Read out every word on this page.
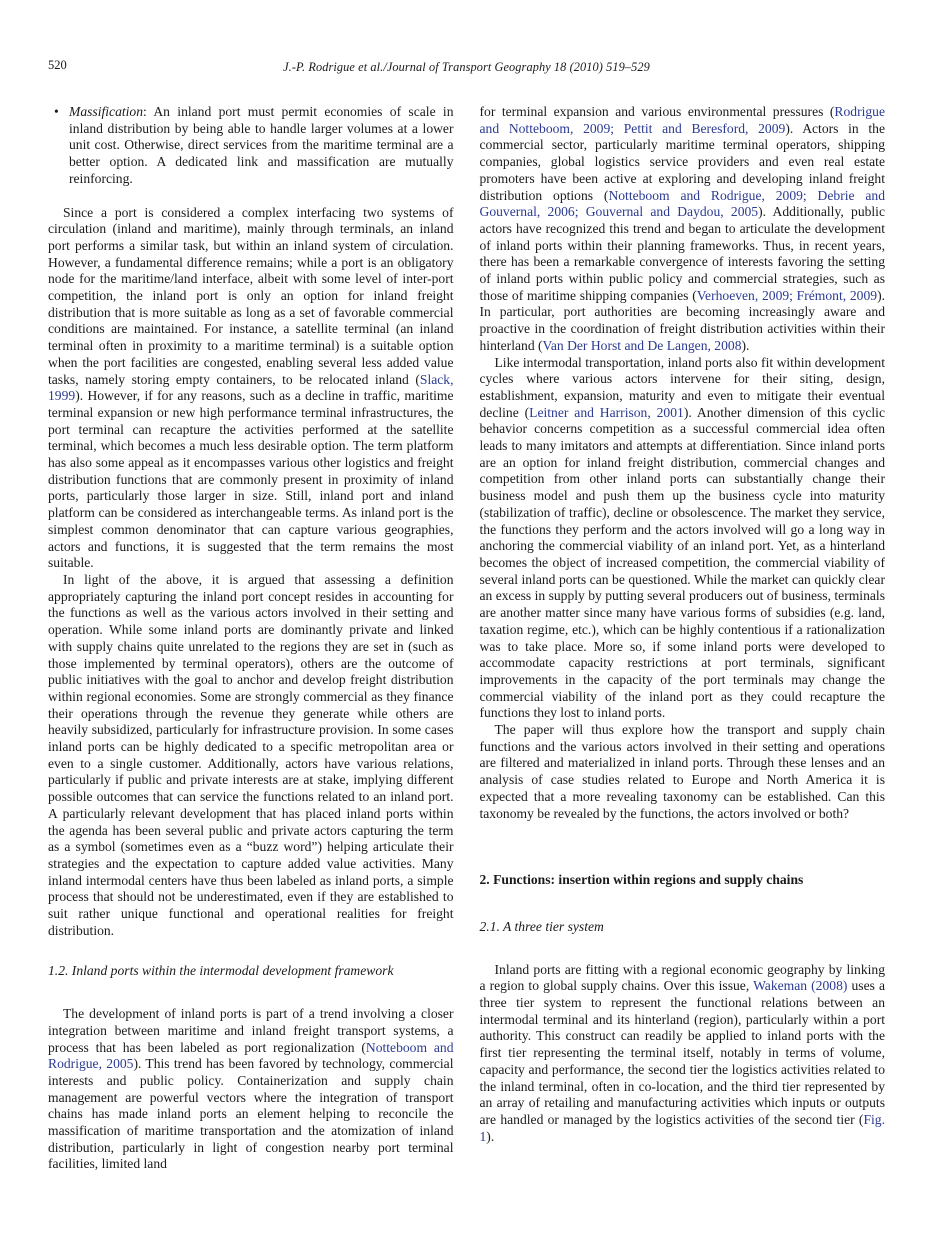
520	J.-P. Rodrigue et al./Journal of Transport Geography 18 (2010) 519–529
• Massification: An inland port must permit economies of scale in inland distribution by being able to handle larger volumes at a lower unit cost. Otherwise, direct services from the maritime terminal are a better option. A dedicated link and massification are mutually reinforcing.

Since a port is considered a complex interfacing two systems of circulation (inland and maritime), mainly through terminals, an inland port performs a similar task, but within an inland system of circulation. However, a fundamental difference remains; while a port is an obligatory node for the maritime/land interface, albeit with some level of inter-port competition, the inland port is only an option for inland freight distribution that is more suitable as long as a set of favorable commercial conditions are maintained. For instance, a satellite terminal (an inland terminal often in proximity to a maritime terminal) is a suitable option when the port facilities are congested, enabling several less added value tasks, namely storing empty containers, to be relocated inland (Slack, 1999). However, if for any reasons, such as a decline in traffic, maritime terminal expansion or new high performance terminal infrastructures, the port terminal can recapture the activities performed at the satellite terminal, which becomes a much less desirable option. The term platform has also some appeal as it encompasses various other logistics and freight distribution functions that are commonly present in proximity of inland ports, particularly those larger in size. Still, inland port and inland platform can be considered as interchangeable terms. As inland port is the simplest common denominator that can capture various geographies, actors and functions, it is suggested that the term remains the most suitable.

In light of the above, it is argued that assessing a definition appropriately capturing the inland port concept resides in accounting for the functions as well as the various actors involved in their setting and operation. While some inland ports are dominantly private and linked with supply chains quite unrelated to the regions they are set in (such as those implemented by terminal operators), others are the outcome of public initiatives with the goal to anchor and develop freight distribution within regional economies. Some are strongly commercial as they finance their operations through the revenue they generate while others are heavily subsidized, particularly for infrastructure provision. In some cases inland ports can be highly dedicated to a specific metropolitan area or even to a single customer. Additionally, actors have various relations, particularly if public and private interests are at stake, implying different possible outcomes that can service the functions related to an inland port. A particularly relevant development that has placed inland ports within the agenda has been several public and private actors capturing the term as a symbol (sometimes even as a “buzz word”) helping articulate their strategies and the expectation to capture added value activities. Many inland intermodal centers have thus been labeled as inland ports, a simple process that should not be underestimated, even if they are established to suit rather unique functional and operational realities for freight distribution.

1.2. Inland ports within the intermodal development framework

The development of inland ports is part of a trend involving a closer integration between maritime and inland freight transport systems, a process that has been labeled as port regionalization (Notteboom and Rodrigue, 2005). This trend has been favored by technology, commercial interests and public policy. Containerization and supply chain management are powerful vectors where the integration of transport chains has made inland ports an element helping to reconcile the massification of maritime transportation and the atomization of inland distribution, particularly in light of congestion nearby port terminal facilities, limited land

for terminal expansion and various environmental pressures (Rodrigue and Notteboom, 2009; Pettit and Beresford, 2009). Actors in the commercial sector, particularly maritime terminal operators, shipping companies, global logistics service providers and even real estate promoters have been active at exploring and developing inland freight distribution options (Notteboom and Rodrigue, 2009; Debrie and Gouvernal, 2006; Gouvernal and Daydou, 2005). Additionally, public actors have recognized this trend and began to articulate the development of inland ports within their planning frameworks. Thus, in recent years, there has been a remarkable convergence of interests favoring the setting of inland ports within public policy and commercial strategies, such as those of maritime shipping companies (Verhoeven, 2009; Frémont, 2009). In particular, port authorities are becoming increasingly aware and proactive in the coordination of freight distribution activities within their hinterland (Van Der Horst and De Langen, 2008).

Like intermodal transportation, inland ports also fit within development cycles where various actors intervene for their siting, design, establishment, expansion, maturity and even to mitigate their eventual decline (Leitner and Harrison, 2001). Another dimension of this cyclic behavior concerns competition as a successful commercial idea often leads to many imitators and attempts at differentiation. Since inland ports are an option for inland freight distribution, commercial changes and competition from other inland ports can substantially change their business model and push them up the business cycle into maturity (stabilization of traffic), decline or obsolescence. The market they service, the functions they perform and the actors involved will go a long way in anchoring the commercial viability of an inland port. Yet, as a hinterland becomes the object of increased competition, the commercial viability of several inland ports can be questioned. While the market can quickly clear an excess in supply by putting several producers out of business, terminals are another matter since many have various forms of subsidies (e.g. land, taxation regime, etc.), which can be highly contentious if a rationalization was to take place. More so, if some inland ports were developed to accommodate capacity restrictions at port terminals, significant improvements in the capacity of the port terminals may change the commercial viability of the inland port as they could recapture the functions they lost to inland ports.

The paper will thus explore how the transport and supply chain functions and the various actors involved in their setting and operations are filtered and materialized in inland ports. Through these lenses and an analysis of case studies related to Europe and North America it is expected that a more revealing taxonomy can be established. Can this taxonomy be revealed by the functions, the actors involved or both?

2. Functions: insertion within regions and supply chains
2.1. A three tier system

Inland ports are fitting with a regional economic geography by linking a region to global supply chains. Over this issue, Wakeman (2008) uses a three tier system to represent the functional relations between an intermodal terminal and its hinterland (region), particularly within a port authority. This construct can readily be applied to inland ports with the first tier representing the terminal itself, notably in terms of volume, capacity and performance, the second tier the logistics activities related to the inland terminal, often in co-location, and the third tier represented by an array of retailing and manufacturing activities which inputs or outputs are handled or managed by the logistics activities of the second tier (Fig. 1).
